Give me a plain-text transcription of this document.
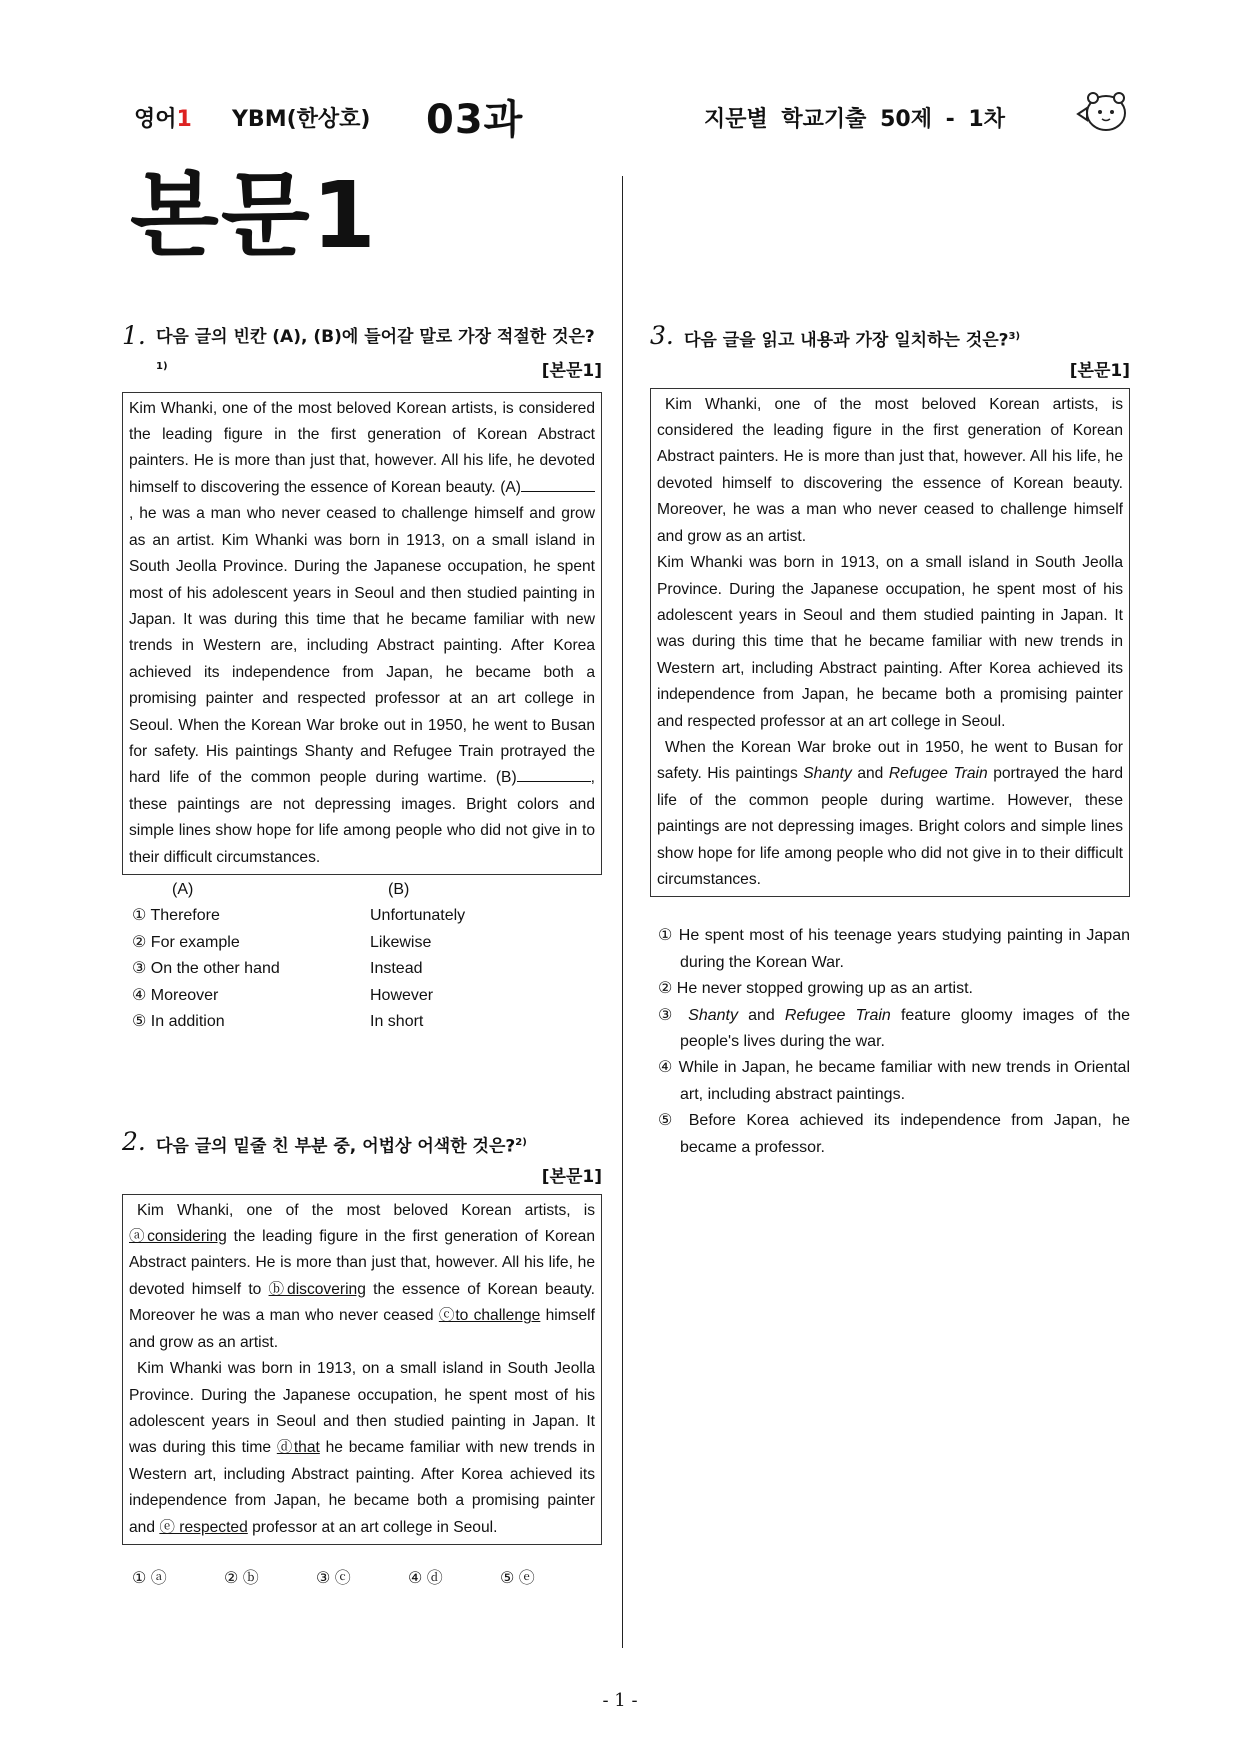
영어1 YBM(한상호) 03과	지문별 학교기출 50제 - 1차
본문1
1. 다음 글의 빈칸 (A), (B)에 들어갈 말로 가장 적절한 것은?$^{1)}$	[본문1]

Kim Whanki, one of the most beloved Korean artists, is considered the leading figure in the first generation of Korean Abstract painters. He is more than just that, however. All his life, he devoted himself to discovering the essence of Korean beauty. (A), he was a man who never ceased to challenge himself and grow as an artist. Kim Whanki was born in 1913, on a small island in South Jeolla Province. During the Japanese occupation, he spent most of his adolescent years in Seoul and then studied painting in Japan. It was during this time that he became familiar with new trends in Western are, including Abstract painting. After Korea achieved its independence from Japan, he became both a promising painter and respected professor at an art college in Seoul. When the Korean War broke out in 1950, he went to Busan for safety. His paintings Shanty and Refugee Train protrayed the hard life of the common people during wartime. (B)	, these paintings are not depressing images. Bright colors and simple lines show hope for life among people who did not give in to their difficult circumstances.

(A)	(B)
① Therefore	Unfortunately
② For example	Likewise
③ On the other hand	Instead
④ Moreover	However
⑤ In addition	In short
2. 다음 글의 밑줄 친 부분 중, 어법상 어색한 것은?$^{2)}$
[본문1]

Kim Whanki, one of the most beloved Korean artists, is ⓐconsidering the leading figure in the first generation of Korean Abstract painters. He is more than just that, however. All his life, he devoted himself to ⓑdiscovering the essence of Korean beauty. Moreover he was a man who never ceased ⓒto challenge himself and grow as an artist.

Kim Whanki was born in 1913, on a small island in South Jeolla Province. During the Japanese occupation, he spent most of his adolescent years in Seoul and then studied painting in Japan. It was during this time ⓓthat he became familiar with new trends in Western art, including Abstract painting. After Korea achieved its independence from Japan, he became both a promising painter and ⓔ respected professor at an art college in Seoul.

① ⓐ	② ⓑ	③ ⓒ	④ ⓓ	⑤ ⓔ
3. 다음 글을 읽고 내용과 가장 일치하는 것은?$^{3)}$
[본문1]

Kim Whanki, one of the most beloved Korean artists, is considered the leading figure in the first generation of Korean Abstract painters. He is more than just that, however. All his life, he devoted himself to discovering the essence of Korean beauty. Moreover, he was a man who never ceased to challenge himself and grow as an artist.

Kim Whanki was born in 1913, on a small island in South Jeolla Province. During the Japanese occupation, he spent most of his adolescent years in Seoul and them studied painting in Japan. It was during this time that he became familiar with new trends in Western art, including Abstract painting. After Korea achieved its independence from Japan, he became both a promising painter and respected professor at an art college in Seoul.

When the Korean War broke out in 1950, he went to Busan for safety. His paintings Shanty and Refugee Train portrayed the hard life of the common people during wartime. However, these paintings are not depressing images. Bright colors and simple lines show hope for life among people who did not give in to their difficult circumstances.

① He spent most of his teenage years studying painting in Japan during the Korean War.
② He never stopped growing up as an artist.
③ Shanty and Refugee Train feature gloomy images of the people's lives during the war.
④ While in Japan, he became familiar with new trends in Oriental art, including abstract paintings.
⑤ Before Korea achieved its independence from Japan, he became a professor.
- 1 -
